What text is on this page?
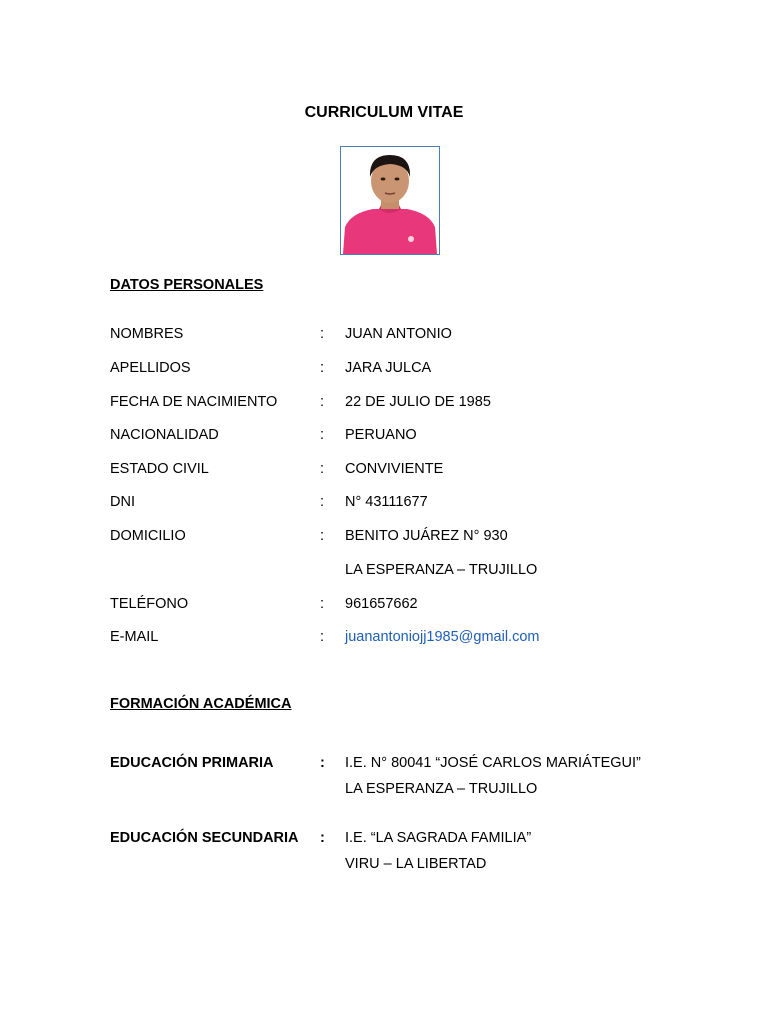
CURRICULUM VITAE
DATOS PERSONALES
NOMBRES	: JUAN ANTONIO
APELLIDOS	: JARA JULCA
FECHA DE NACIMIENTO	: 22 DE JULIO DE 1985
NACIONALIDAD	: PERUANO
ESTADO CIVIL	: CONVIVIENTE
DNI	: N° 43111677
DOMICILIO	: BENITO JUÁREZ N° 930
LA ESPERANZA – TRUJILLO
TELÉFONO	: 961657662
E-MAIL	: juanantoniojj1985@gmail.com
FORMACIÓN ACADÉMICA
EDUCACIÓN PRIMARIA	: I.E. N° 80041 “JOSÉ CARLOS MARIÁTEGUI”
LA ESPERANZA – TRUJILLO
EDUCACIÓN SECUNDARIA : I.E. “LA SAGRADA FAMILIA”
VIRU – LA LIBERTAD
